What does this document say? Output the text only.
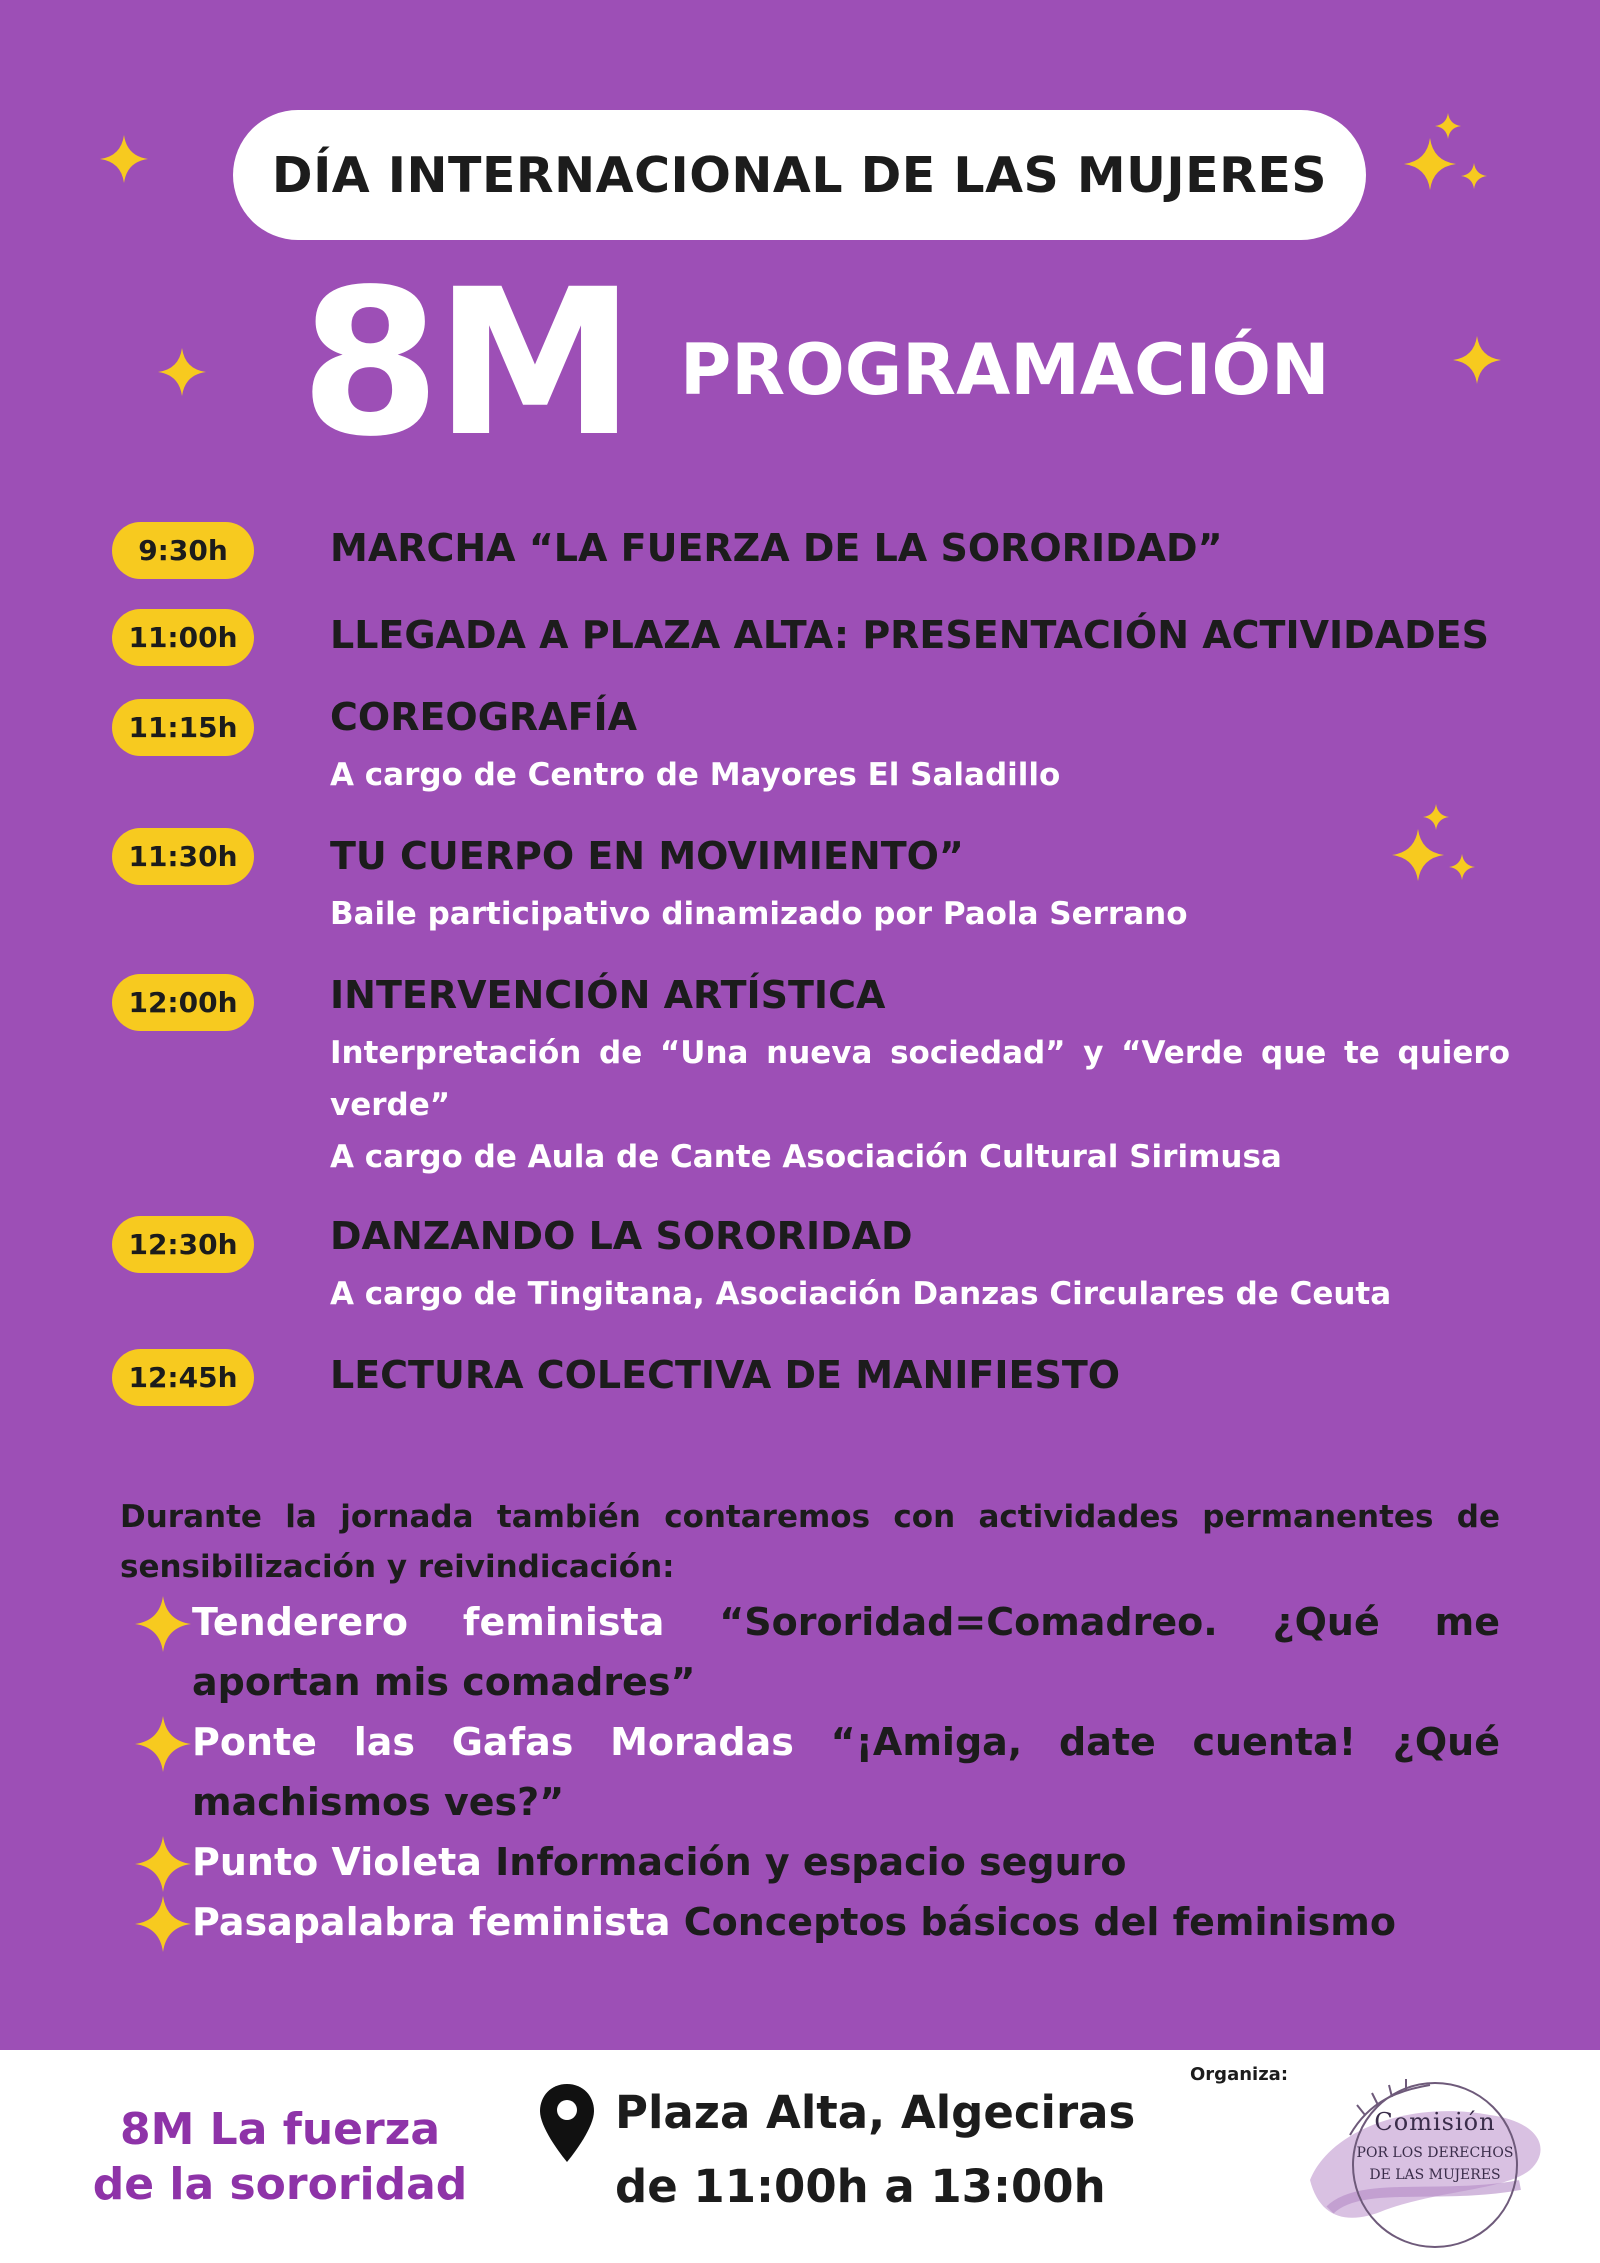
DÍA INTERNACIONAL DE LAS MUJERES
8M PROGRAMACIÓN
9:30h	MARCHA “LA FUERZA DE LA SORORIDAD”
11:00h	LLEGADA A PLAZA ALTA: PRESENTACIÓN ACTIVIDADES
11:15h	COREOGRAFÍA
A cargo de Centro de Mayores El Saladillo
11:30h	TU CUERPO EN MOVIMIENTO”
Baile participativo dinamizado por Paola Serrano
12:00h	INTERVENCIÓN ARTÍSTICA
Interpretación de “Una nueva sociedad” y “Verde que te quiero verde”
A cargo de Aula de Cante Asociación Cultural Sirimusa
12:30h	DANZANDO LA SORORIDAD
A cargo de Tingitana, Asociación Danzas Circulares de Ceuta
12:45h	LECTURA COLECTIVA DE MANIFIESTO
Durante la jornada también contaremos con actividades permanentes de sensibilización y reivindicación:
Tenderero feminista “Sororidad=Comadreo. ¿Qué me aportan mis comadres”
Ponte las Gafas Moradas “¡Amiga, date cuenta! ¿Qué machismos ves?”
Punto Violeta Información y espacio seguro
Pasapalabra feminista Conceptos básicos del feminismo
8M La fuerza
de la sororidad
Plaza Alta, Algeciras
de 11:00h a 13:00h
Organiza:
Comisión
POR LOS DERECHOS
DE LAS MUJERES
